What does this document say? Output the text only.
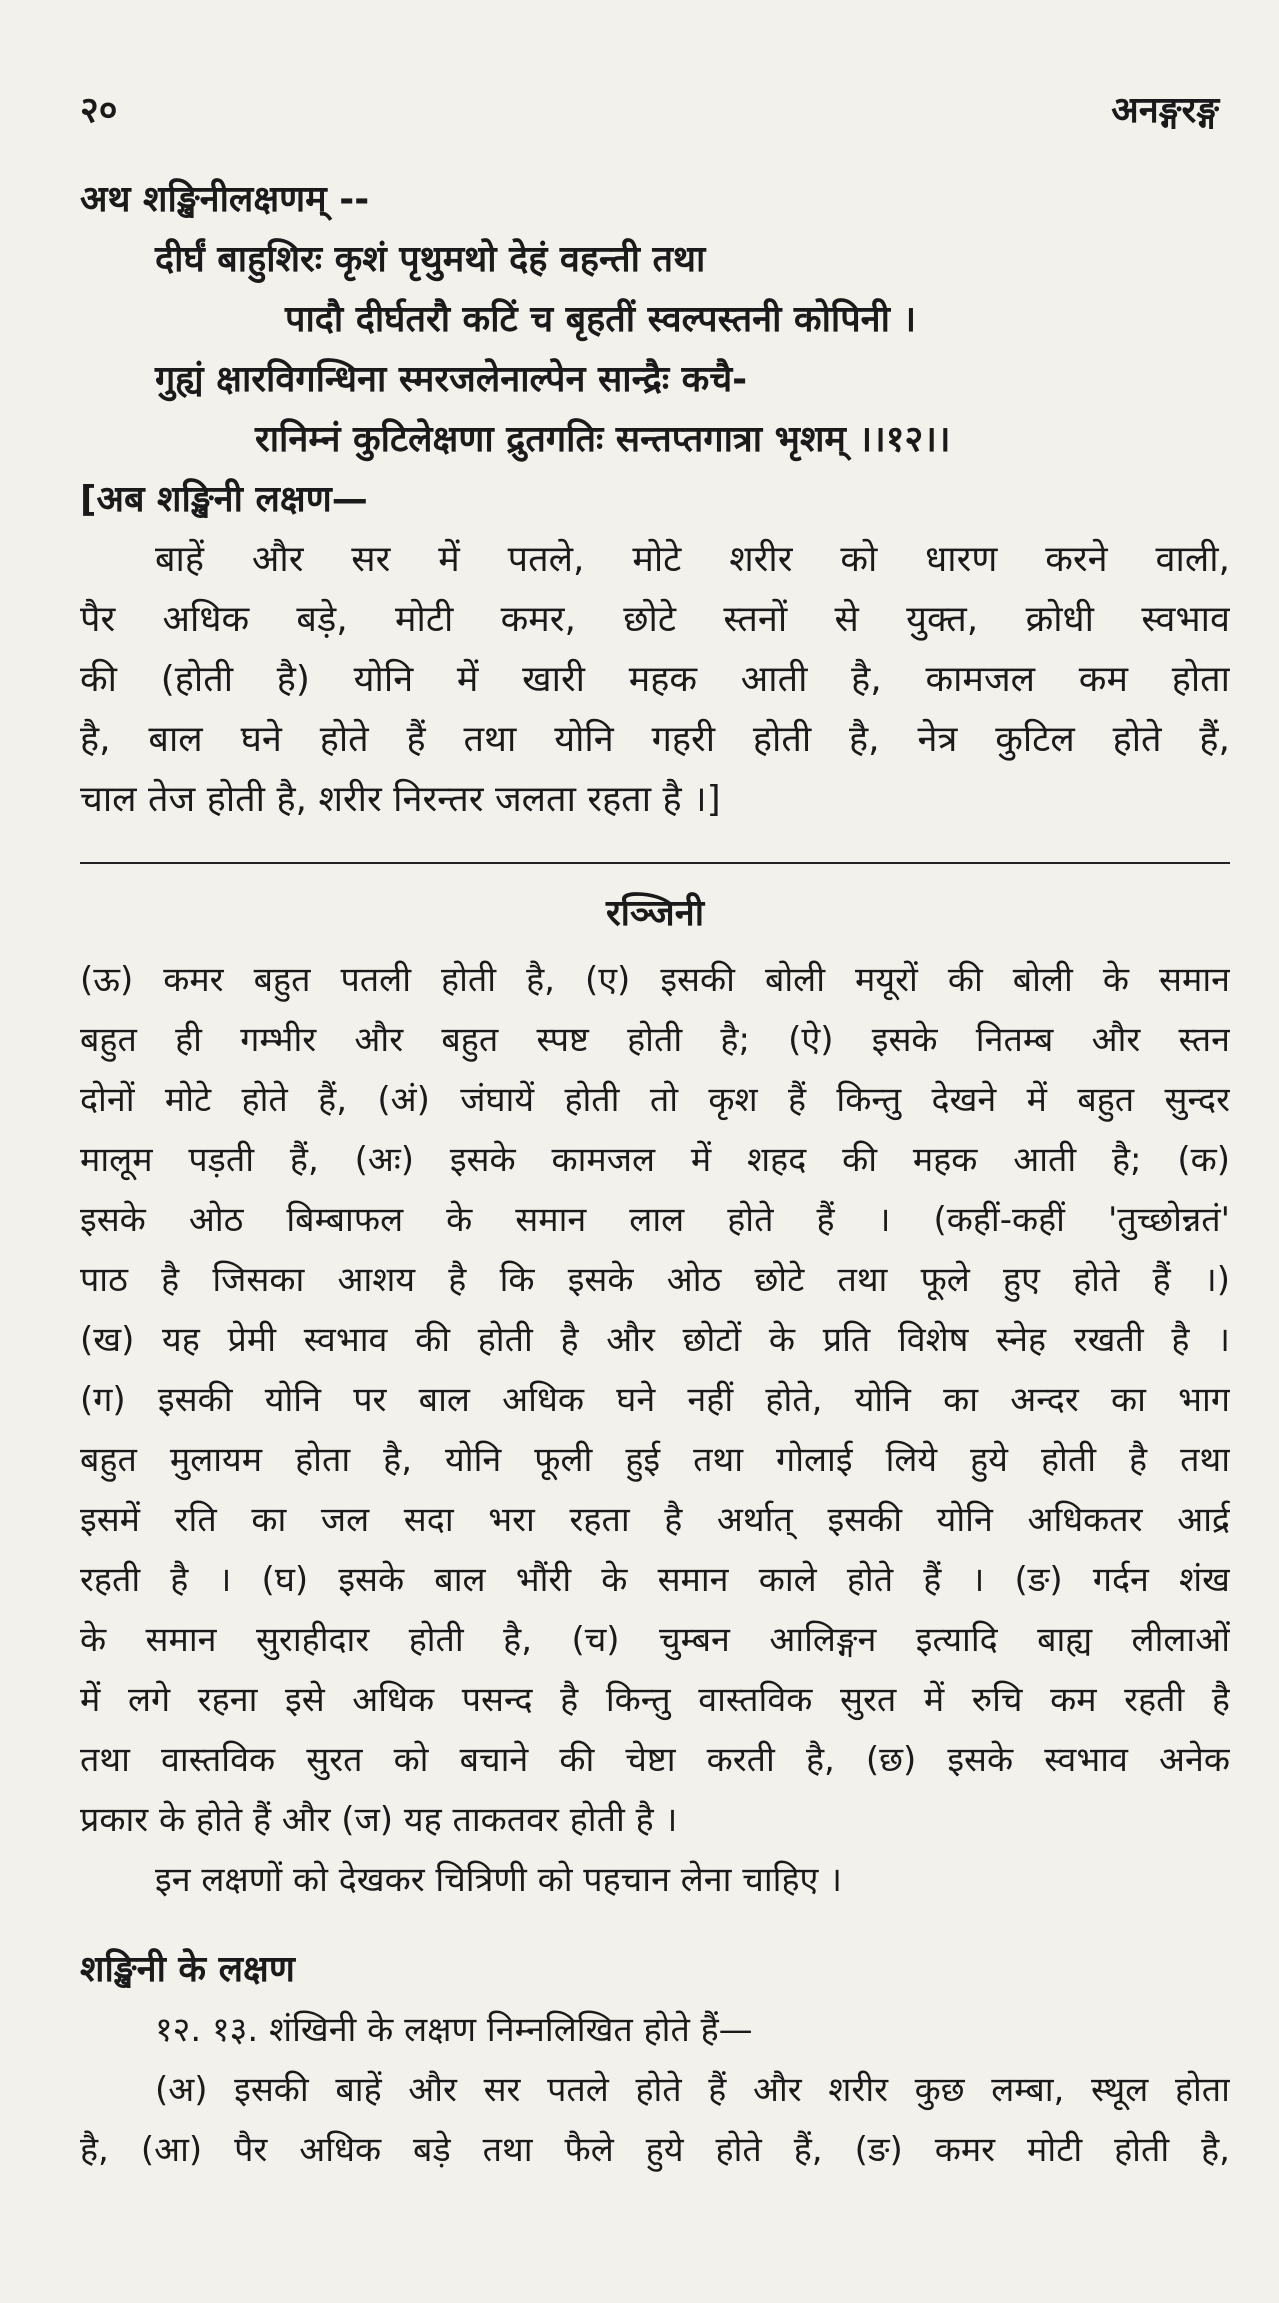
२०	अनङ्गरङ्ग
अथ शङ्खिनीलक्षणम् --
दीर्घं बाहुशिरः कृशं पृथुमथो देहं वहन्ती तथा
पादौ दीर्घतरौ कटिं च बृहतीं स्वल्पस्तनी कोपिनी ।
गुह्यं क्षारविगन्धिना स्मरजलेनाल्पेन सान्द्रैः कचै-
रानिम्नं कुटिलेक्षणा द्रुतगतिः सन्तप्तगात्रा भृशम् ।।१२।।
[अब शङ्खिनी लक्षण—
बाहें और सर में पतले, मोटे शरीर को धारण करने वाली,
पैर अधिक बड़े, मोटी कमर, छोटे स्तनों से युक्त, क्रोधी स्वभाव
की (होती है) योनि में खारी महक आती है, कामजल कम होता
है, बाल घने होते हैं तथा योनि गहरी होती है, नेत्र कुटिल होते हैं,
चाल तेज होती है, शरीर निरन्तर जलता रहता है ।]
रञ्जिनी
(ऊ) कमर बहुत पतली होती है, (ए) इसकी बोली मयूरों की बोली के समान
बहुत ही गम्भीर और बहुत स्पष्ट होती है; (ऐ) इसके नितम्ब और स्तन
दोनों मोटे होते हैं, (अं) जंघायें होती तो कृश हैं किन्तु देखने में बहुत सुन्दर
मालूम पड़ती हैं, (अः) इसके कामजल में शहद की महक आती है; (क)
इसके ओठ बिम्बाफल के समान लाल होते हैं । (कहीं-कहीं 'तुच्छोन्नतं'
पाठ है जिसका आशय है कि इसके ओठ छोटे तथा फूले हुए होते हैं ।)
(ख) यह प्रेमी स्वभाव की होती है और छोटों के प्रति विशेष स्नेह रखती है ।
(ग) इसकी योनि पर बाल अधिक घने नहीं होते, योनि का अन्दर का भाग
बहुत मुलायम होता है, योनि फूली हुई तथा गोलाई लिये हुये होती है तथा
इसमें रति का जल सदा भरा रहता है अर्थात् इसकी योनि अधिकतर आर्द्र
रहती है । (घ) इसके बाल भौंरी के समान काले होते हैं । (ङ) गर्दन शंख
के समान सुराहीदार होती है, (च) चुम्बन आलिङ्गन इत्यादि बाह्य लीलाओं
में लगे रहना इसे अधिक पसन्द है किन्तु वास्तविक सुरत में रुचि कम रहती है
तथा वास्तविक सुरत को बचाने की चेष्टा करती है, (छ) इसके स्वभाव अनेक
प्रकार के होते हैं और (ज) यह ताकतवर होती है ।
इन लक्षणों को देखकर चित्रिणी को पहचान लेना चाहिए ।
शङ्खिनी के लक्षण
१२. १३. शंखिनी के लक्षण निम्नलिखित होते हैं—
(अ) इसकी बाहें और सर पतले होते हैं और शरीर कुछ लम्बा, स्थूल होता
है, (आ) पैर अधिक बड़े तथा फैले हुये होते हैं, (ङ) कमर मोटी होती है,
